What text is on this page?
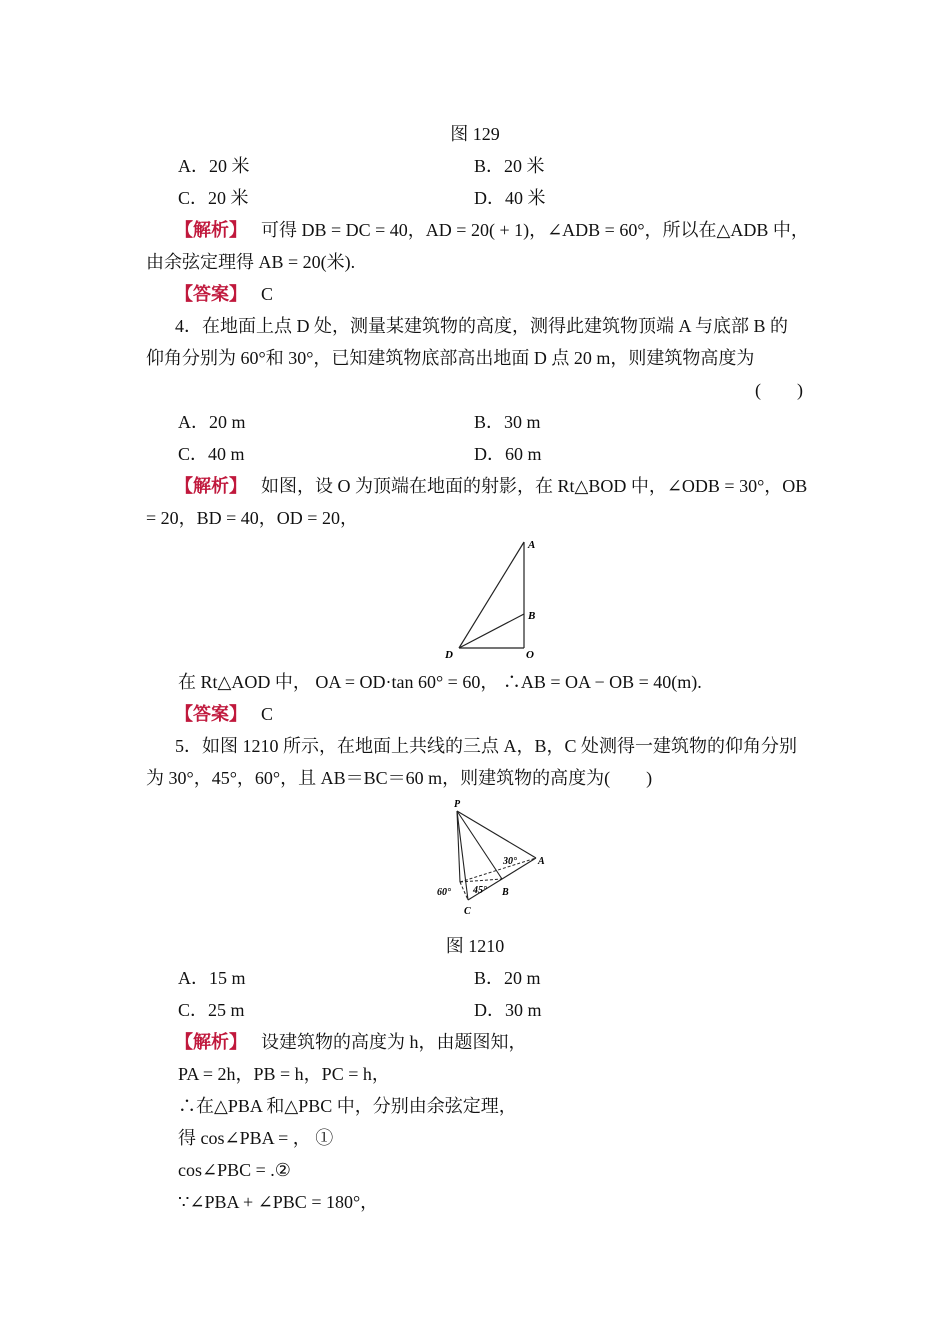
图 129
A．20 米	B．20 米
C．20 米	D．40 米
【解析】 可得 DB = DC = 40，AD = 20( + 1)，∠ADB = 60°，所以在△ADB 中，
由余弦定理得 AB = 20(米).
【答案】 C
4．在地面上点 D 处，测量某建筑物的高度，测得此建筑物顶端 A 与底部 B 的
仰角分别为 60°和 30°，已知建筑物底部高出地面 D 点 20 m，则建筑物高度为
(　　)
A．20 m	B．30 m
C．40 m	D．60 m
【解析】 如图，设 O 为顶端在地面的射影，在 Rt△BOD 中，∠ODB = 30°，OB
= 20，BD = 40，OD = 20，
A
B
D	O
在 Rt△AOD 中， OA = OD·tan 60° = 60， ∴AB = OA − OB = 40(m).
【答案】 C
5．如图 1210 所示，在地面上共线的三点 A，B，C 处测得一建筑物的仰角分别
为 30°，45°，60°，且 AB＝BC＝60 m，则建筑物的高度为(　　)
P
30° A
60° 45° B
C
图 1210
A．15 m	B．20 m
C．25 m	D．30 m
【解析】 设建筑物的高度为 h，由题图知，
PA = 2h，PB = h，PC = h，
∴在△PBA 和△PBC 中，分别由余弦定理，
得 cos∠PBA = ， ①
cos∠PBC = .②
∵∠PBA + ∠PBC = 180°，
